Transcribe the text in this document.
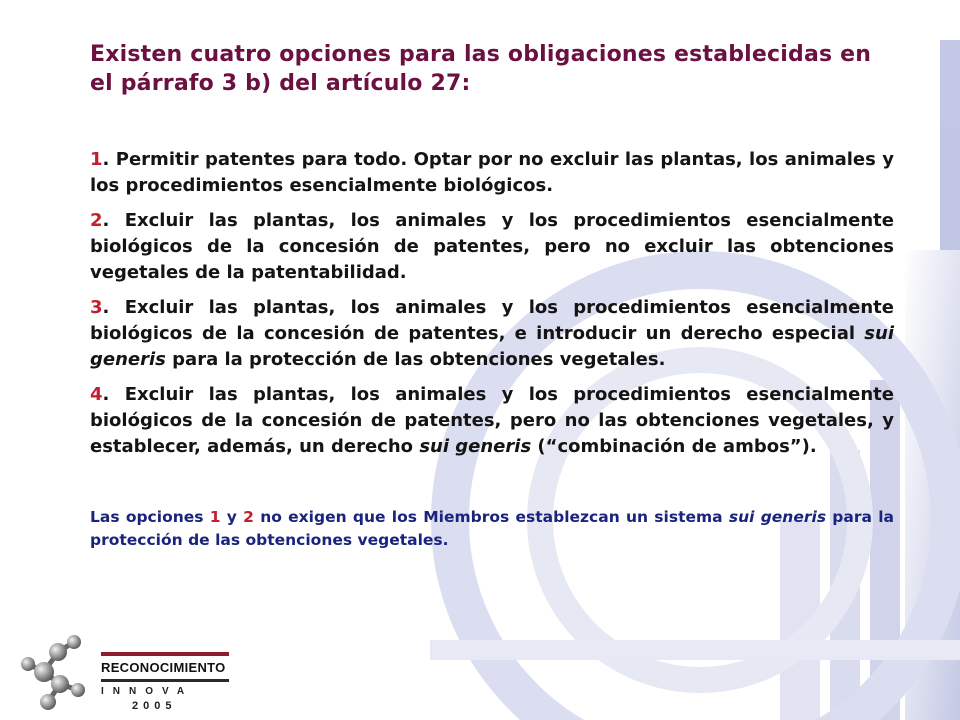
Existen cuatro opciones para las obligaciones establecidas en el párrafo 3 b) del artículo 27:

1. Permitir patentes para todo. Optar por no excluir las plantas, los animales y los procedimientos esencialmente biológicos.

2. Excluir las plantas, los animales y los procedimientos esencialmente biológicos de la concesión de patentes, pero no excluir las obtenciones vegetales de la patentabilidad.

3. Excluir las plantas, los animales y los procedimientos esencialmente biológicos de la concesión de patentes, e introducir un derecho especial sui generis para la protección de las obtenciones vegetales.

4. Excluir las plantas, los animales y los procedimientos esencialmente biológicos de la concesión de patentes, pero no las obtenciones vegetales, y establecer, además, un derecho sui generis (“combinación de ambos”).

Las opciones 1 y 2 no exigen que los Miembros establezcan un sistema sui generis para la protección de las obtenciones vegetales.

RECONOCIMIENTO
INNOVA
2005
